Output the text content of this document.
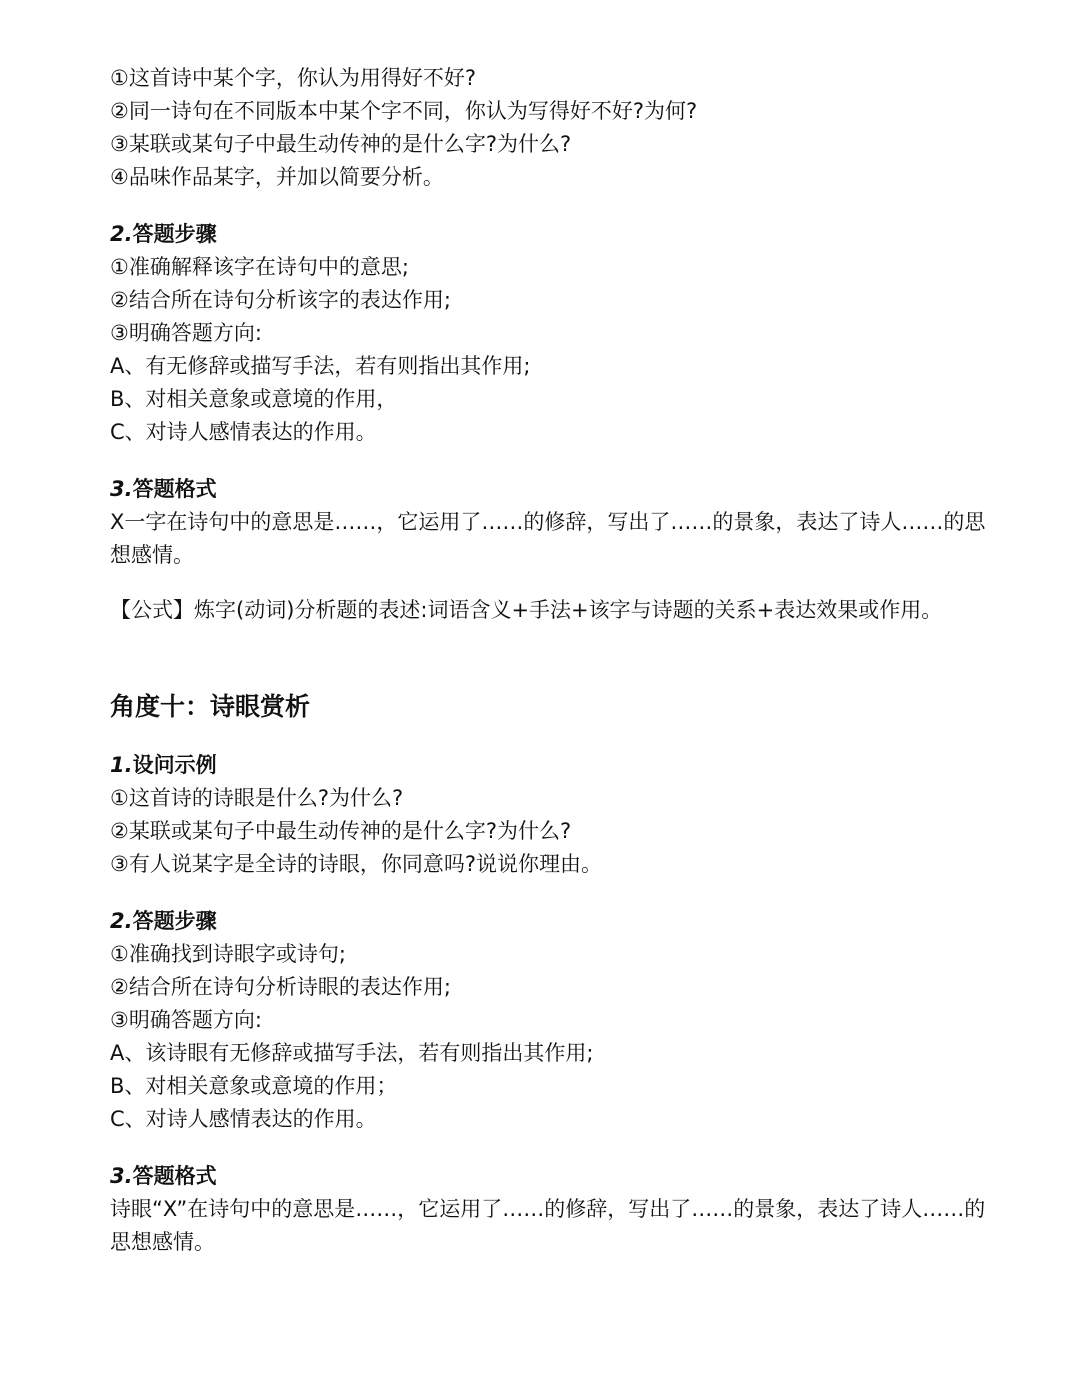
①这首诗中某个字，你认为用得好不好?
②同一诗句在不同版本中某个字不同，你认为写得好不好?为何?
③某联或某句子中最生动传神的是什么字?为什么?
④品味作品某字，并加以简要分析。
2.答题步骤
①准确解释该字在诗句中的意思;
②结合所在诗句分析该字的表达作用;
③明确答题方向:
A、有无修辞或描写手法，若有则指出其作用;
B、对相关意象或意境的作用，
C、对诗人感情表达的作用。
3.答题格式
X一字在诗句中的意思是……，它运用了……的修辞，写出了……的景象，表达了诗人……的思想感情。
【公式】炼字(动词)分析题的表述:词语含义+手法+该字与诗题的关系+表达效果或作用。
角度十：诗眼赏析
1.设问示例
①这首诗的诗眼是什么?为什么?
②某联或某句子中最生动传神的是什么字?为什么?
③有人说某字是全诗的诗眼，你同意吗?说说你理由。
2.答题步骤
①准确找到诗眼字或诗句;
②结合所在诗句分析诗眼的表达作用;
③明确答题方向:
A、该诗眼有无修辞或描写手法，若有则指出其作用;
B、对相关意象或意境的作用；
C、对诗人感情表达的作用。
3.答题格式
诗眼“X”在诗句中的意思是……，它运用了……的修辞，写出了……的景象，表达了诗人……的思想感情。
